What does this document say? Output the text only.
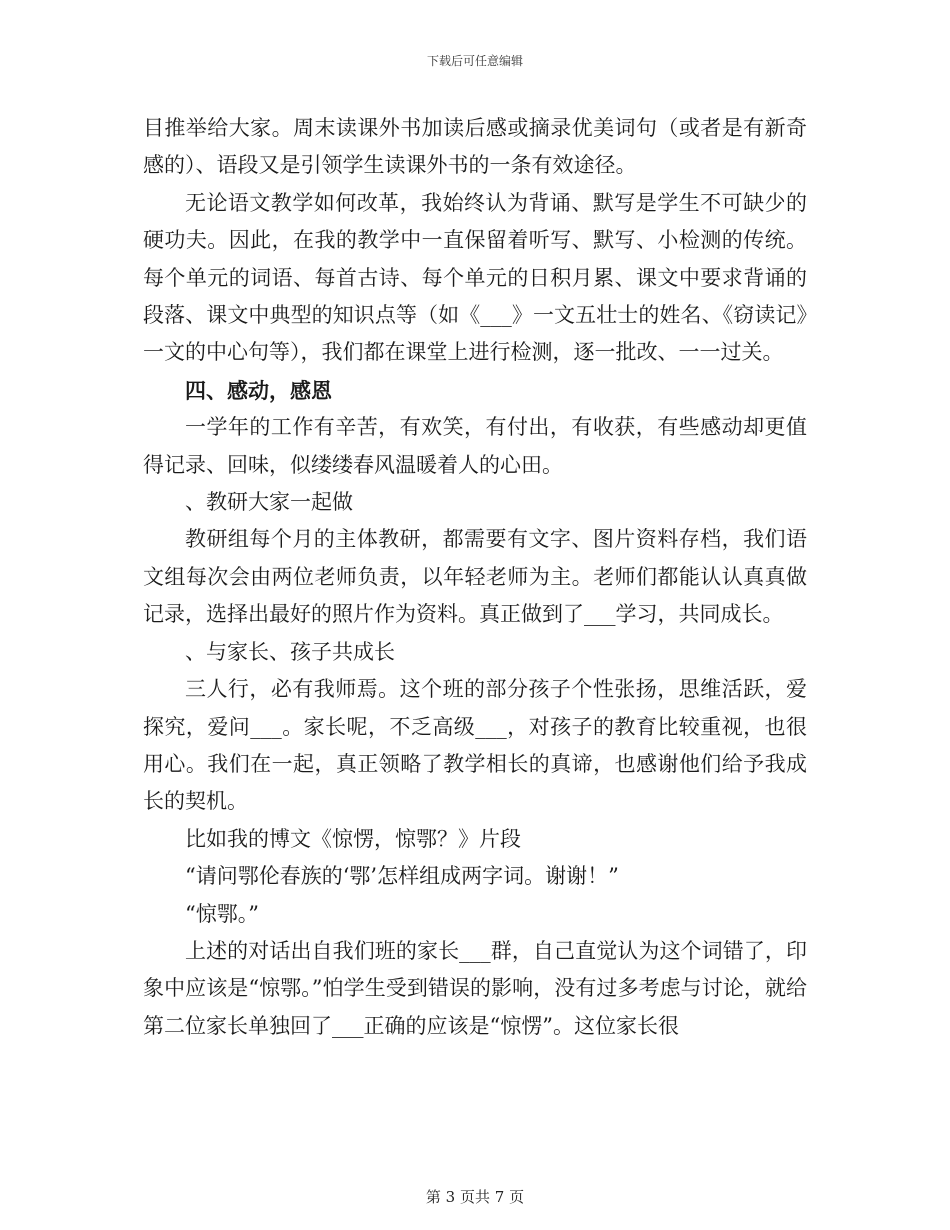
下载后可任意编辑

目推举给大家。周末读课外书加读后感或摘录优美词句（或者是有新奇感的）、语段又是引领学生读课外书的一条有效途径。

无论语文教学如何改革，我始终认为背诵、默写是学生不可缺少的硬功夫。因此，在我的教学中一直保留着听写、默写、小检测的传统。每个单元的词语、每首古诗、每个单元的日积月累、课文中要求背诵的段落、课文中典型的知识点等（如《___》一文五壮士的姓名、《窃读记》一文的中心句等），我们都在课堂上进行检测，逐一批改、一一过关。

四、感动，感恩

一学年的工作有辛苦，有欢笑，有付出，有收获，有些感动却更值得记录、回味，似缕缕春风温暖着人的心田。

、教研大家一起做

教研组每个月的主体教研，都需要有文字、图片资料存档，我们语文组每次会由两位老师负责，以年轻老师为主。老师们都能认认真真做记录，选择出最好的照片作为资料。真正做到了___学习，共同成长。

、与家长、孩子共成长

三人行，必有我师焉。这个班的部分孩子个性张扬，思维活跃，爱探究，爱问___。家长呢，不乏高级___，对孩子的教育比较重视，也很用心。我们在一起，真正领略了教学相长的真谛，也感谢他们给予我成长的契机。

比如我的博文《惊愣，惊鄂？》片段

“请问鄂伦春族的‘鄂’怎样组成两字词。谢谢！”

“惊鄂。”

上述的对话出自我们班的家长___群，自己直觉认为这个词错了，印象中应该是“惊鄂。”怕学生受到错误的影响，没有过多考虑与讨论，就给第二位家长单独回了___正确的应该是“惊愣”。这位家长很

第 3 页共 7 页
